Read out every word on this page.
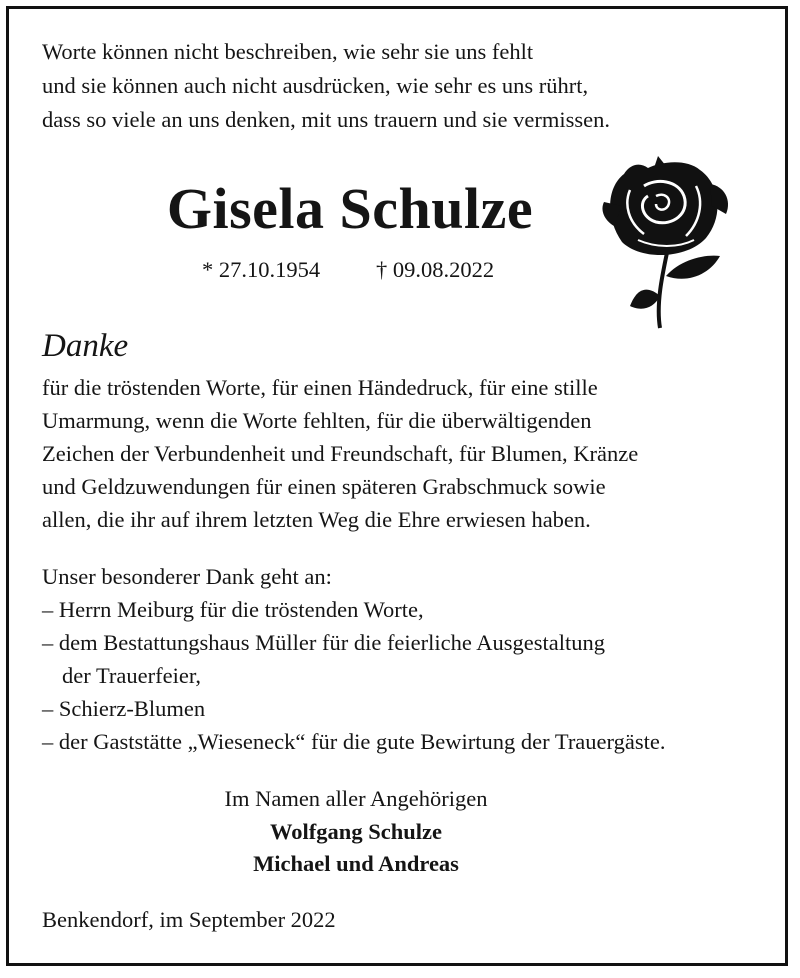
Worte können nicht beschreiben, wie sehr sie uns fehlt
und sie können auch nicht ausdrücken, wie sehr es uns rührt,
dass so viele an uns denken, mit uns trauern und sie vermissen.
Gisela Schulze
* 27.10.1954 † 09.08.2022
Danke
für die tröstenden Worte, für einen Händedruck, für eine stille
Umarmung, wenn die Worte fehlten, für die überwältigenden
Zeichen der Verbundenheit und Freundschaft, für Blumen, Kränze
und Geldzuwendungen für einen späteren Grabschmuck sowie
allen, die ihr auf ihrem letzten Weg die Ehre erwiesen haben.
Unser besonderer Dank geht an:
– Herrn Meiburg für die tröstenden Worte,
– dem Bestattungshaus Müller für die feierliche Ausgestaltung
der Trauerfeier,
– Schierz-Blumen
– der Gaststätte „Wieseneck“ für die gute Bewirtung der Trauergäste.
Im Namen aller Angehörigen
Wolfgang Schulze
Michael und Andreas
Benkendorf, im September 2022
